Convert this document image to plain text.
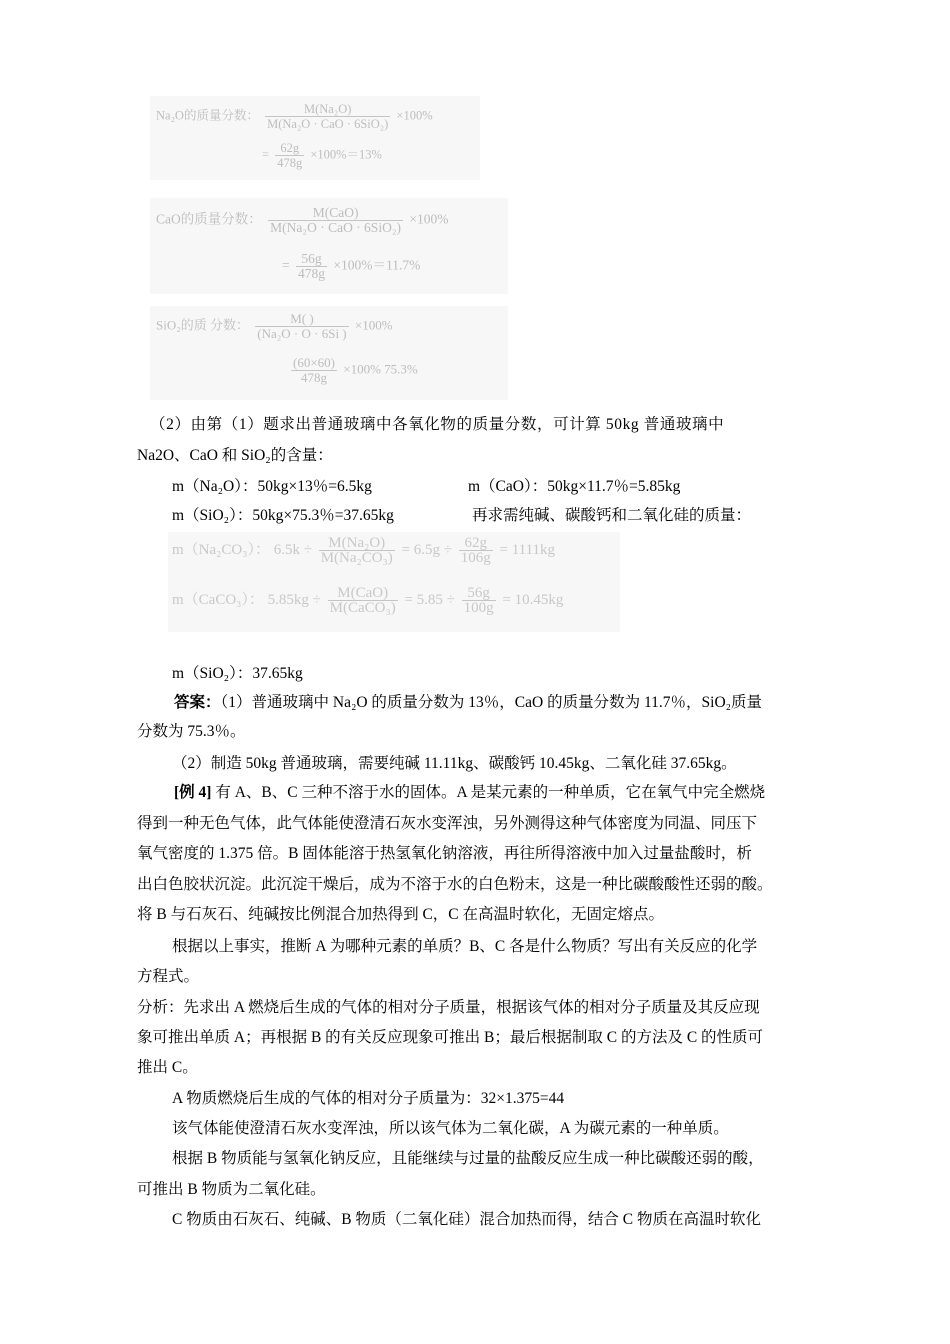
Na₂O的质量分数： $\frac{\text{M(Na₂O)}}{\text{M(Na₂O · CaO · 6SiO₂)}} \times 100\%$
= $\frac{62g}{478g} \times 100\%=13\%$
CaO的质量分数： $\frac{\text{M(CaO)}}{\text{M(Na₂O · CaO · 6SiO₂)}} \times 100\%$
= $\frac{56g}{478g} \times 100\%=11.7\%$
SiO₂的质 分数： $\frac{M( )}{\text{(Na₂O · O · 6Si )}} \times 100\%$
$\frac{(60\times 60)}{478g} \times 100\%$ 75.3%
（2）由第（1）题求出普通玻璃中各氧化物的质量分数，可计算 50kg 普通玻璃中
Na2O、CaO 和 SiO₂的含量：
m（Na₂O）：50kg×13％=6.5kg	m（CaO）：50kg×11.7％=5.85kg
m（SiO₂）：50kg×75.3％=37.65kg	再求需纯碱、碳酸钙和二氧化硅的质量：
m（Na₂CO₃）： $6.5k \div \frac{\text{M(Na₂O)}}{\text{M(Na₂CO₃)}} = 6.5g \div \frac{62g}{106g} = 1111kg$
m（CaCO₃）： $5.85kg \div \frac{\text{M(CaO)}}{\text{M(CaCO₃)}} = 5.85 \div \frac{56g}{100g} = 10.45kg$
m（SiO₂）：37.65kg
答案：（1）普通玻璃中 Na₂O 的质量分数为 13％，CaO 的质量分数为 11.7％，SiO₂质量
分数为 75.3％。
（2）制造 50kg 普通玻璃，需要纯碱 11.11kg、碳酸钙 10.45kg、二氧化硅 37.65kg。
[例 4] 有 A、B、C 三种不溶于水的固体。A 是某元素的一种单质，它在氧气中完全燃烧
得到一种无色气体，此气体能使澄清石灰水变浑浊，另外测得这种气体密度为同温、同压下
氧气密度的 1.375 倍。B 固体能溶于热氢氧化钠溶液，再往所得溶液中加入过量盐酸时，析
出白色胶状沉淀。此沉淀干燥后，成为不溶于水的白色粉末，这是一种比碳酸酸性还弱的酸。
将 B 与石灰石、纯碱按比例混合加热得到 C，C 在高温时软化，无固定熔点。
根据以上事实，推断 A 为哪种元素的单质？B、C 各是什么物质？写出有关反应的化学
方程式。
分析：先求出 A 燃烧后生成的气体的相对分子质量，根据该气体的相对分子质量及其反应现
象可推出单质 A；再根据 B 的有关反应现象可推出 B；最后根据制取 C 的方法及 C 的性质可
推出 C。
A 物质燃烧后生成的气体的相对分子质量为：32×1.375=44
该气体能使澄清石灰水变浑浊，所以该气体为二氧化碳，A 为碳元素的一种单质。
根据 B 物质能与氢氧化钠反应，且能继续与过量的盐酸反应生成一种比碳酸还弱的酸，
可推出 B 物质为二氧化硅。
C 物质由石灰石、纯碱、B 物质（二氧化硅）混合加热而得，结合 C 物质在高温时软化
